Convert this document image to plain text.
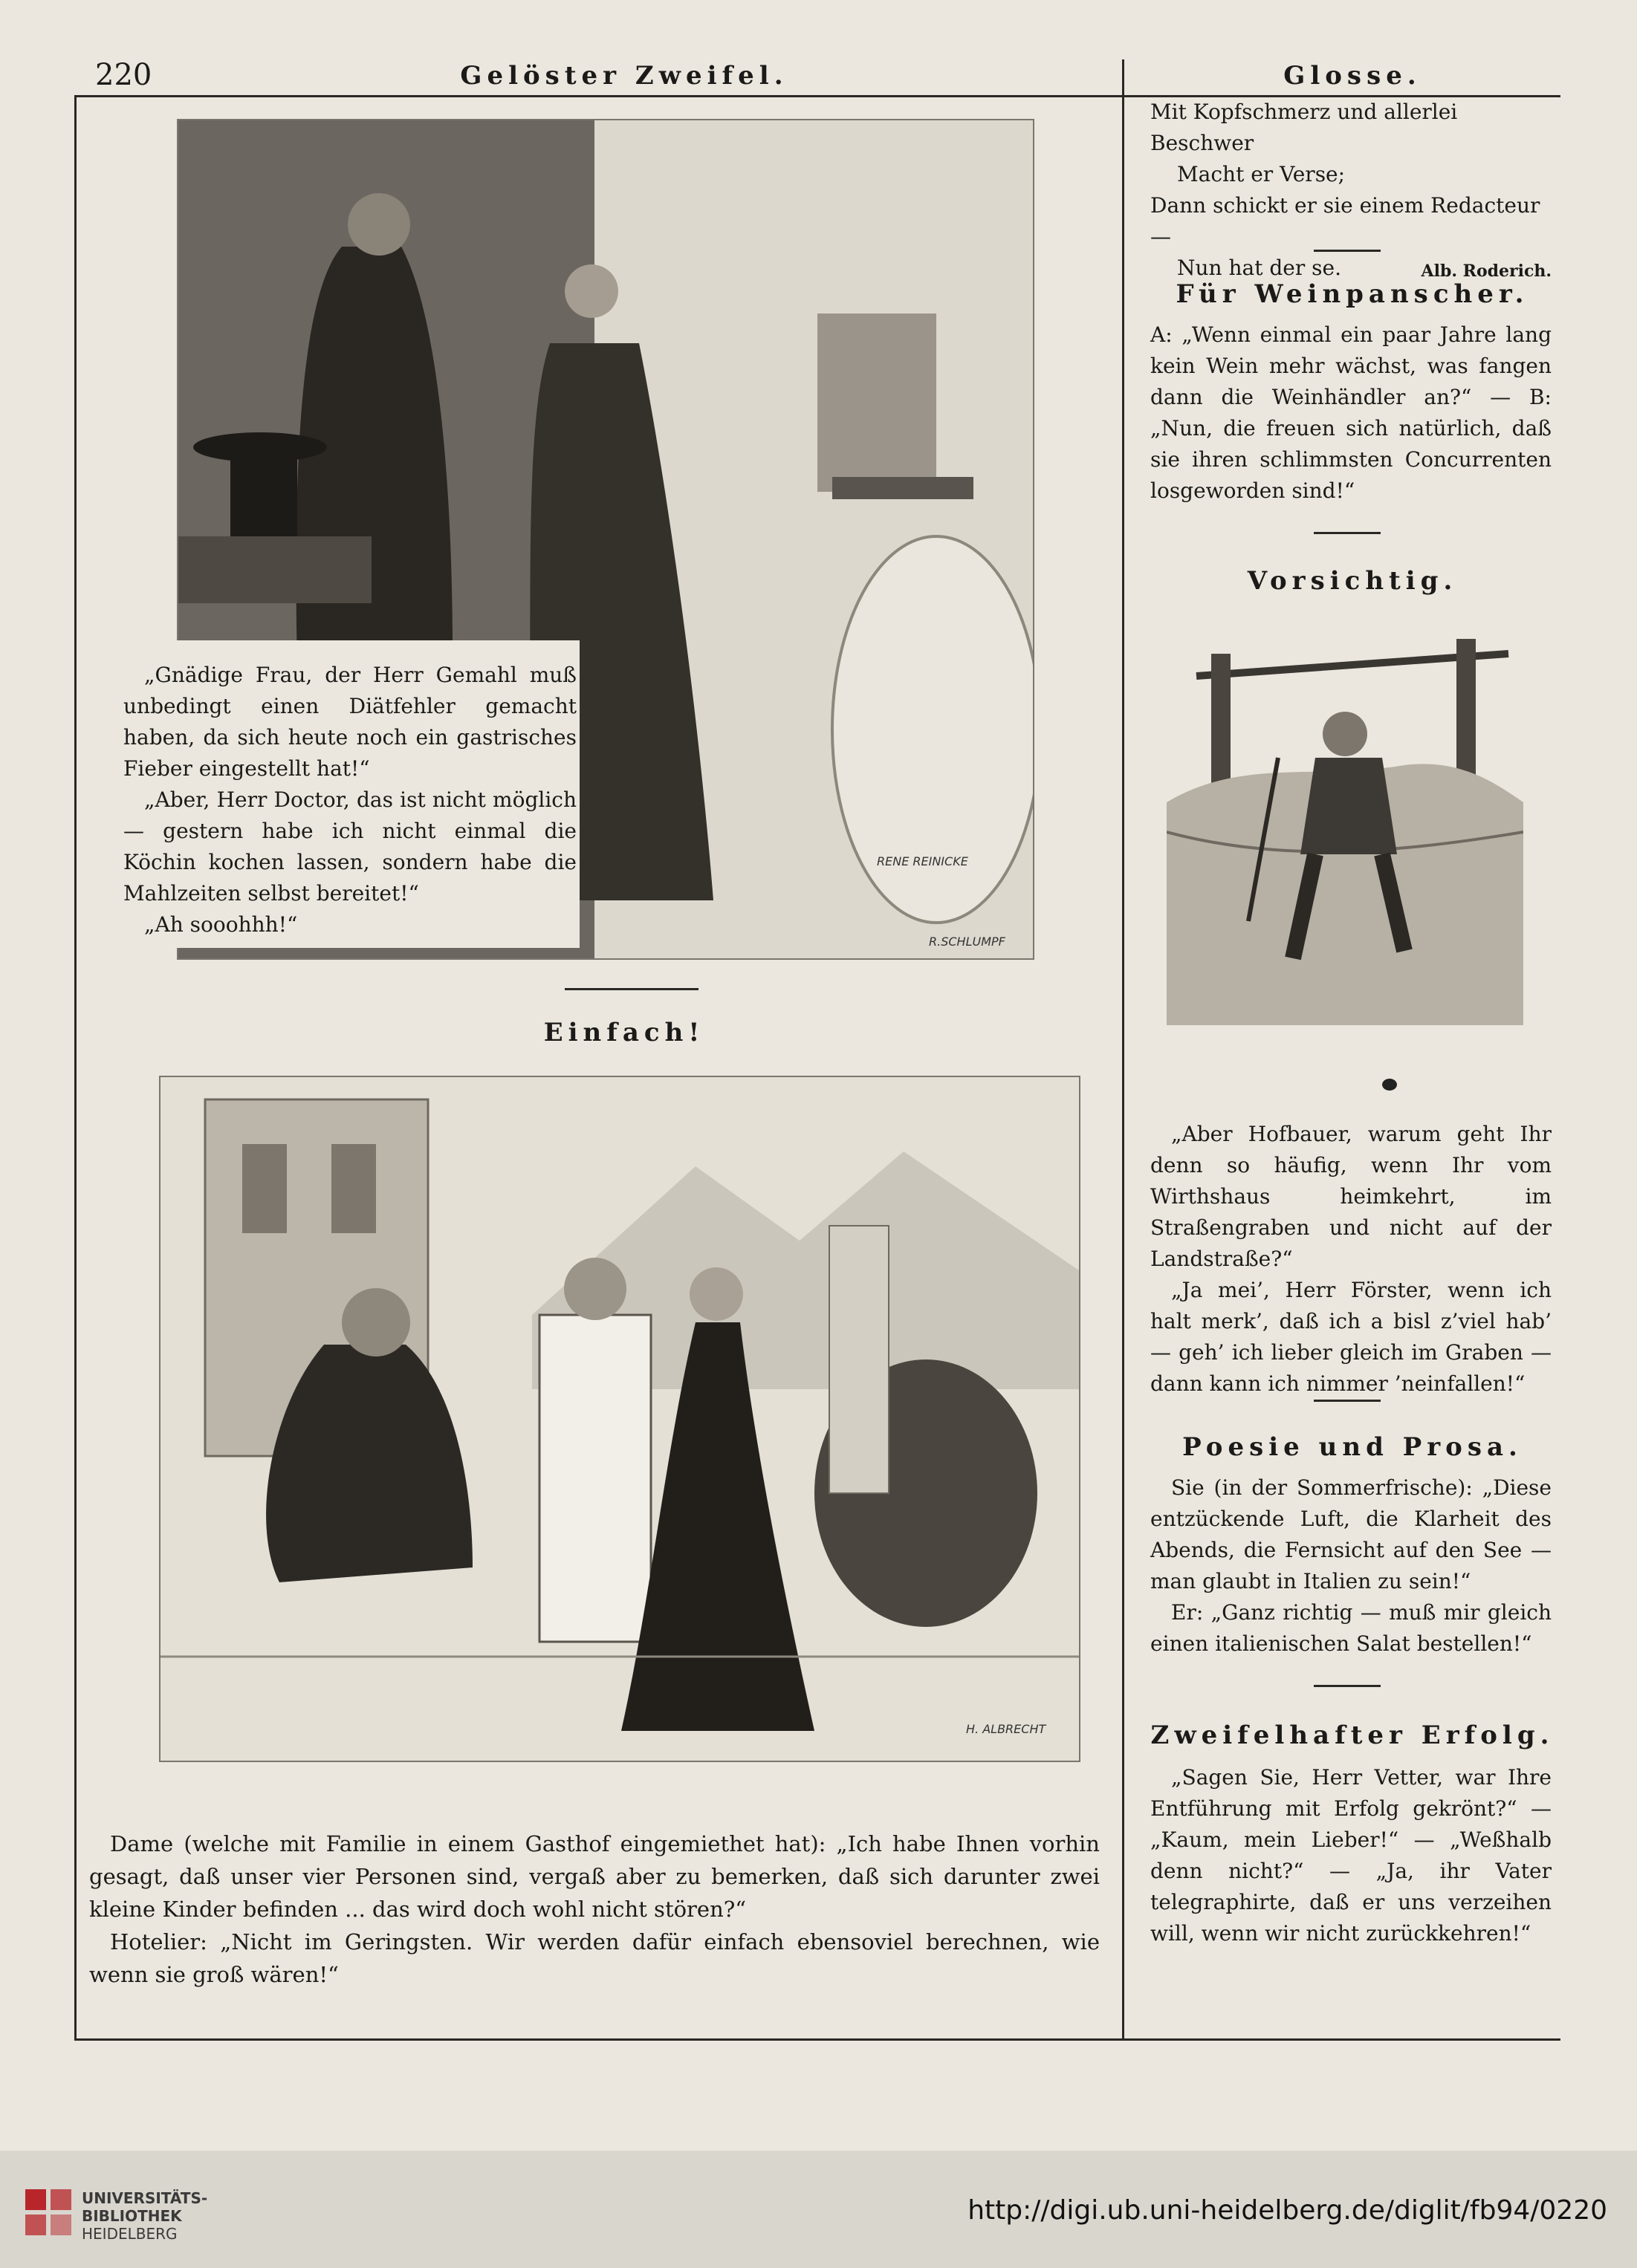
220	Gelöster Zweifel.
RENE REINICKE
R.SCHLUMPF

„Gnädige Frau, der Herr Gemahl muß unbedingt einen Diätfehler gemacht haben, da sich heute noch ein gastrisches Fieber eingestellt hat!“

„Aber, Herr Doctor, das ist nicht möglich — gestern habe ich nicht einmal die Köchin kochen lassen, sondern habe die Mahlzeiten selbst bereitet!“

„Ah sooohhh!“

Einfach!
H. ALBRECHT

Dame (welche mit Familie in einem Gasthof eingemiethet hat): „Ich habe Ihnen vorhin gesagt, daß unser vier Personen sind, vergaß aber zu bemerken, daß sich darunter zwei kleine Kinder befinden ... das wird doch wohl nicht stören?“

Hotelier: „Nicht im Geringsten. Wir werden dafür einfach ebensoviel berechnen, wie wenn sie groß wären!“

Glosse.

Mit Kopfschmerz und allerlei Beschwer

Macht er Verse;

Dann schickt er sie einem Redacteur —

Nun hat der se.	Alb. Roderich.

Für Weinpanscher.

A: „Wenn einmal ein paar Jahre lang kein Wein mehr wächst, was fangen dann die Weinhändler an?“ — B: „Nun, die freuen sich natürlich, daß sie ihren schlimmsten Concurrenten losgeworden sind!“

Vorsichtig.

„Aber Hofbauer, warum geht Ihr denn so häufig, wenn Ihr vom Wirthshaus heimkehrt, im Straßengraben und nicht auf der Landstraße?“

„Ja mei’, Herr Förster, wenn ich halt merk’, daß ich a bisl z’viel hab’ — geh’ ich lieber gleich im Graben — dann kann ich nimmer ’neinfallen!“

Poesie und Prosa.

Sie (in der Sommerfrische): „Diese entzückende Luft, die Klarheit des Abends, die Fernsicht auf den See — man glaubt in Italien zu sein!“

Er: „Ganz richtig — muß mir gleich einen italienischen Salat bestellen!“

Zweifelhafter Erfolg.

„Sagen Sie, Herr Vetter, war Ihre Entführung mit Erfolg gekrönt?“ — „Kaum, mein Lieber!“ — „Weßhalb denn nicht?“ — „Ja, ihr Vater telegraphirte, daß er uns verzeihen will, wenn wir nicht zurückkehren!“

UNIVERSITÄTS-
BIBLIOTHEK
HEIDELBERG
http://digi.ub.uni-heidelberg.de/diglit/fb94/0220
